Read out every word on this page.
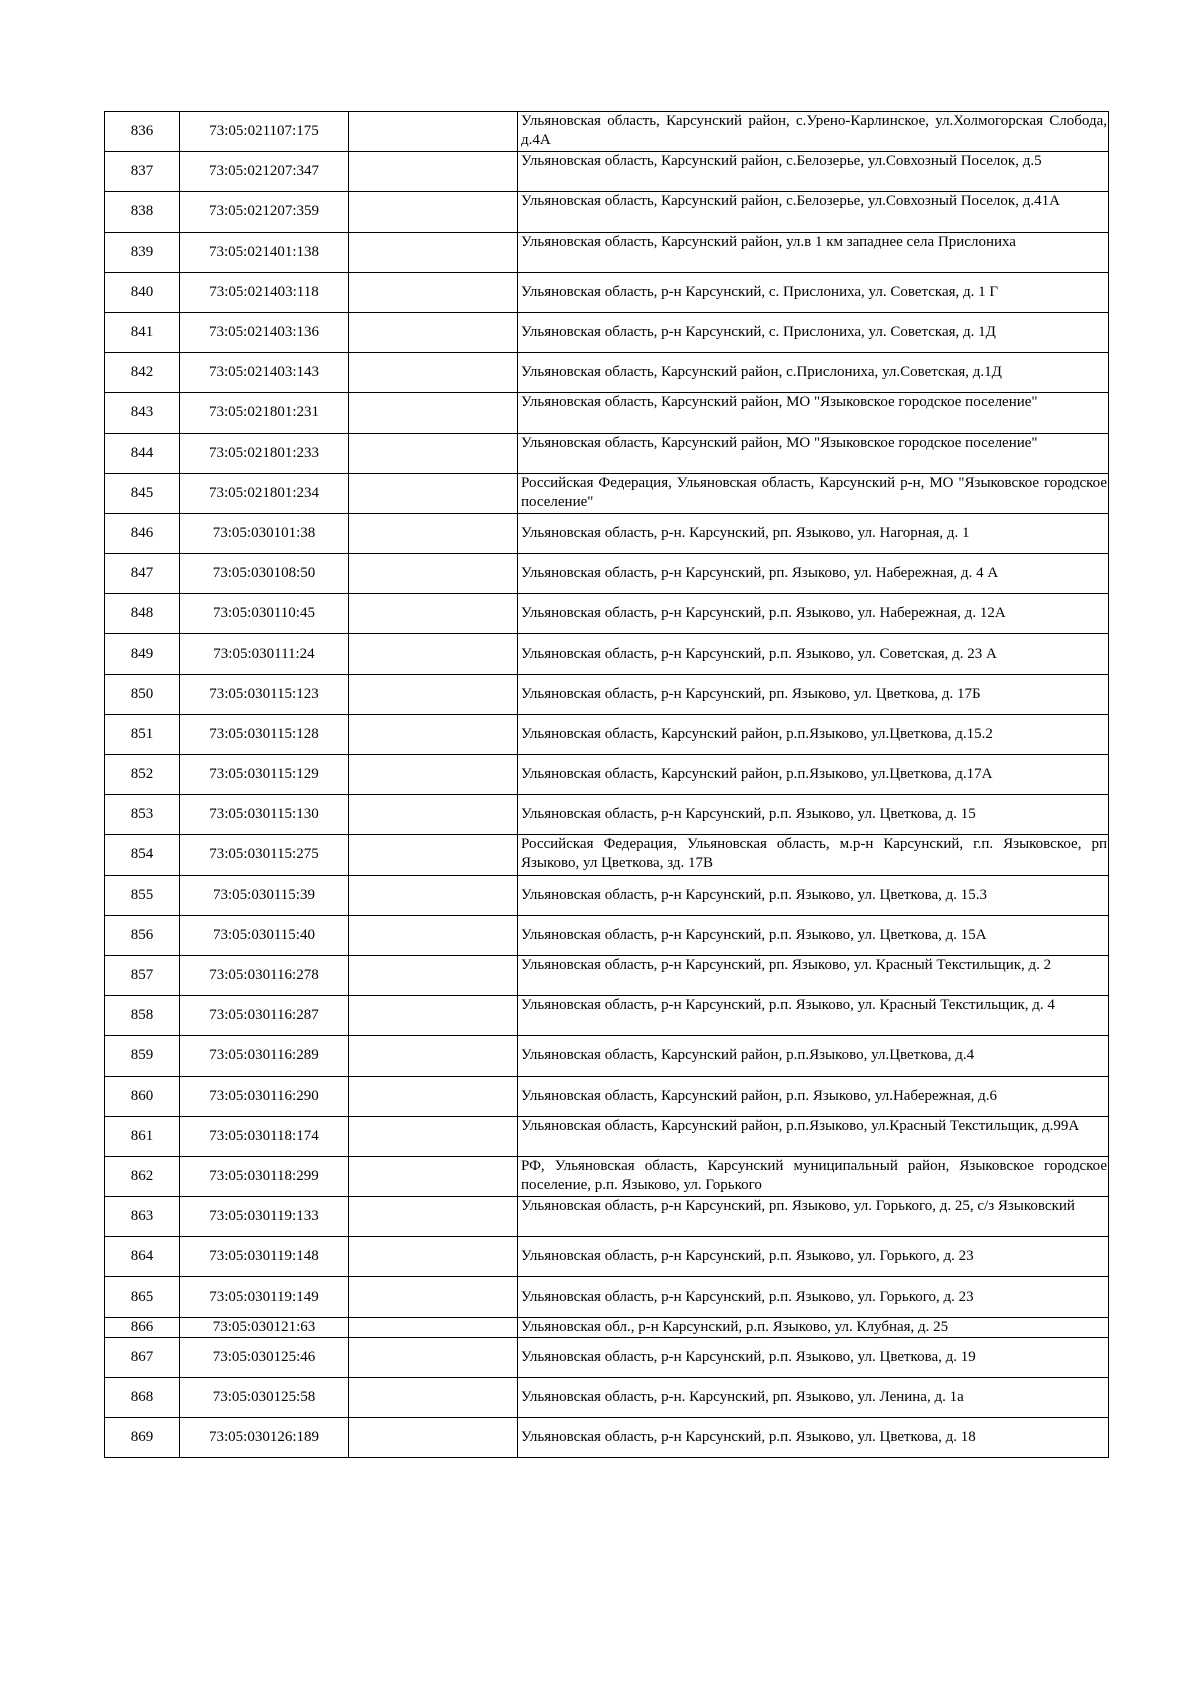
836	73:05:021107:175		Ульяновская область, Карсунский район, с.Урено-Карлинское, ул.Холмогорская Слобода, д.4А
837	73:05:021207:347		Ульяновская область, Карсунский район, с.Белозерье, ул.Совхозный Поселок, д.5
838	73:05:021207:359		Ульяновская область, Карсунский район, с.Белозерье, ул.Совхозный Поселок, д.41А
839	73:05:021401:138		Ульяновская область, Карсунский район, ул.в 1 км западнее села Прислониха
840	73:05:021403:118		Ульяновская область, р-н Карсунский, с. Прислониха, ул. Советская, д. 1 Г
841	73:05:021403:136		Ульяновская область, р-н Карсунский, с. Прислониха, ул. Советская, д. 1Д
842	73:05:021403:143		Ульяновская область, Карсунский район, с.Прислониха, ул.Советская, д.1Д
843	73:05:021801:231		Ульяновская область, Карсунский район, МО "Языковское городское поселение"
844	73:05:021801:233		Ульяновская область, Карсунский район, МО "Языковское городское поселение"
845	73:05:021801:234		Российская Федерация, Ульяновская область, Карсунский р-н, МО "Языковское городское поселение"
846	73:05:030101:38		Ульяновская область, р-н. Карсунский, рп. Языково, ул. Нагорная, д. 1
847	73:05:030108:50		Ульяновская область, р-н Карсунский, рп. Языково, ул. Набережная, д. 4 А
848	73:05:030110:45		Ульяновская область, р-н Карсунский, р.п. Языково, ул. Набережная, д. 12А
849	73:05:030111:24		Ульяновская область, р-н Карсунский, р.п. Языково, ул. Советская, д. 23 А
850	73:05:030115:123		Ульяновская область, р-н Карсунский, рп. Языково, ул. Цветкова, д. 17Б
851	73:05:030115:128		Ульяновская область, Карсунский район, р.п.Языково, ул.Цветкова, д.15.2
852	73:05:030115:129		Ульяновская область, Карсунский район, р.п.Языково, ул.Цветкова, д.17А
853	73:05:030115:130		Ульяновская область, р-н Карсунский, р.п. Языково, ул. Цветкова, д. 15
854	73:05:030115:275		Российская Федерация, Ульяновская область, м.р-н Карсунский, г.п. Языковское, рп Языково, ул Цветкова, зд. 17В
855	73:05:030115:39		Ульяновская область, р-н Карсунский, р.п. Языково, ул. Цветкова, д. 15.3
856	73:05:030115:40		Ульяновская область, р-н Карсунский, р.п. Языково, ул. Цветкова, д. 15А
857	73:05:030116:278		Ульяновская область, р-н Карсунский, рп. Языково, ул. Красный Текстильщик, д. 2
858	73:05:030116:287		Ульяновская область, р-н Карсунский, р.п. Языково, ул. Красный Текстильщик, д. 4
859	73:05:030116:289		Ульяновская область, Карсунский район, р.п.Языково, ул.Цветкова, д.4
860	73:05:030116:290		Ульяновская область, Карсунский район, р.п. Языково, ул.Набережная, д.6
861	73:05:030118:174		Ульяновская область, Карсунский район, р.п.Языково, ул.Красный Текстильщик, д.99А
862	73:05:030118:299		РФ, Ульяновская область, Карсунский муниципальный район, Языковское городское поселение, р.п. Языково, ул. Горького
863	73:05:030119:133		Ульяновская область, р-н Карсунский, рп. Языково, ул. Горького, д. 25, с/з Языковский
864	73:05:030119:148		Ульяновская область, р-н Карсунский, р.п. Языково, ул. Горького, д. 23
865	73:05:030119:149		Ульяновская область, р-н Карсунский, р.п. Языково, ул. Горького, д. 23
866	73:05:030121:63		Ульяновская обл., р-н Карсунский, р.п. Языково, ул. Клубная, д. 25
867	73:05:030125:46		Ульяновская область, р-н Карсунский, р.п. Языково, ул. Цветкова, д. 19
868	73:05:030125:58		Ульяновская область, р-н. Карсунский, рп. Языково, ул. Ленина, д. 1а
869	73:05:030126:189		Ульяновская область, р-н Карсунский, р.п. Языково, ул. Цветкова, д. 18
